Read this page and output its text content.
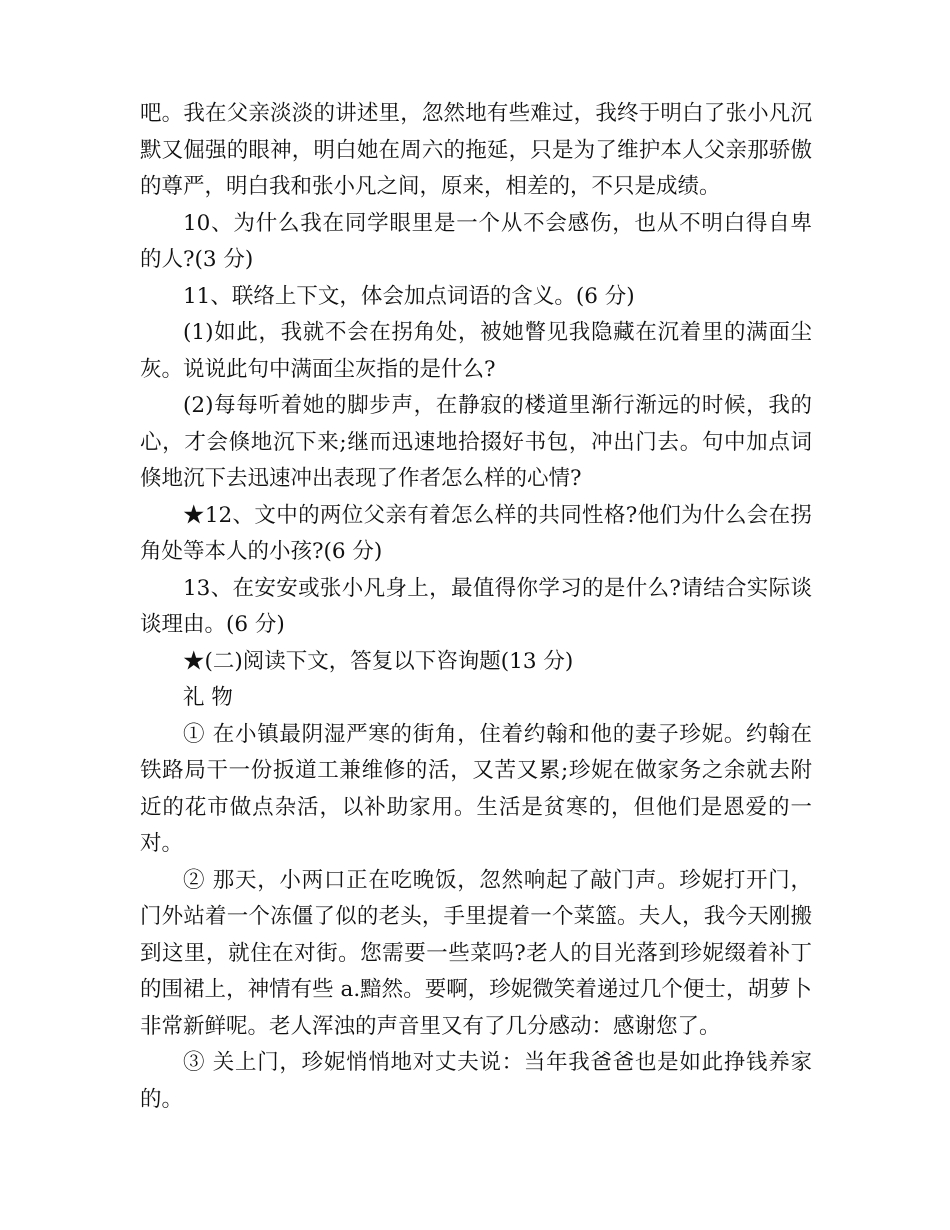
吧。我在父亲淡淡的讲述里，忽然地有些难过，我终于明白了张小凡沉默又倔强的眼神，明白她在周六的拖延，只是为了维护本人父亲那骄傲的尊严，明白我和张小凡之间，原来，相差的，不只是成绩。

10、为什么我在同学眼里是一个从不会感伤，也从不明白得自卑的人?(3 分)

11、联络上下文，体会加点词语的含义。(6 分)

(1)如此，我就不会在拐角处，被她瞥见我隐藏在沉着里的满面尘灰。说说此句中满面尘灰指的是什么?

(2)每每听着她的脚步声，在静寂的楼道里渐行渐远的时候，我的心，才会倏地沉下来;继而迅速地拾掇好书包，冲出门去。句中加点词倏地沉下去迅速冲出表现了作者怎么样的心情?

★12、文中的两位父亲有着怎么样的共同性格?他们为什么会在拐角处等本人的小孩?(6 分)

13、在安安或张小凡身上，最值得你学习的是什么?请结合实际谈谈理由。(6 分)

★(二)阅读下文，答复以下咨询题(13 分)

礼 物

① 在小镇最阴湿严寒的街角，住着约翰和他的妻子珍妮。约翰在铁路局干一份扳道工兼维修的活，又苦又累;珍妮在做家务之余就去附近的花市做点杂活，以补助家用。生活是贫寒的，但他们是恩爱的一对。

② 那天，小两口正在吃晚饭，忽然响起了敲门声。珍妮打开门，门外站着一个冻僵了似的老头，手里提着一个菜篮。夫人，我今天刚搬到这里，就住在对街。您需要一些菜吗?老人的目光落到珍妮缀着补丁的围裙上，神情有些 a.黯然。要啊，珍妮微笑着递过几个便士，胡萝卜非常新鲜呢。老人浑浊的声音里又有了几分感动：感谢您了。

③ 关上门，珍妮悄悄地对丈夫说：当年我爸爸也是如此挣钱养家的。
